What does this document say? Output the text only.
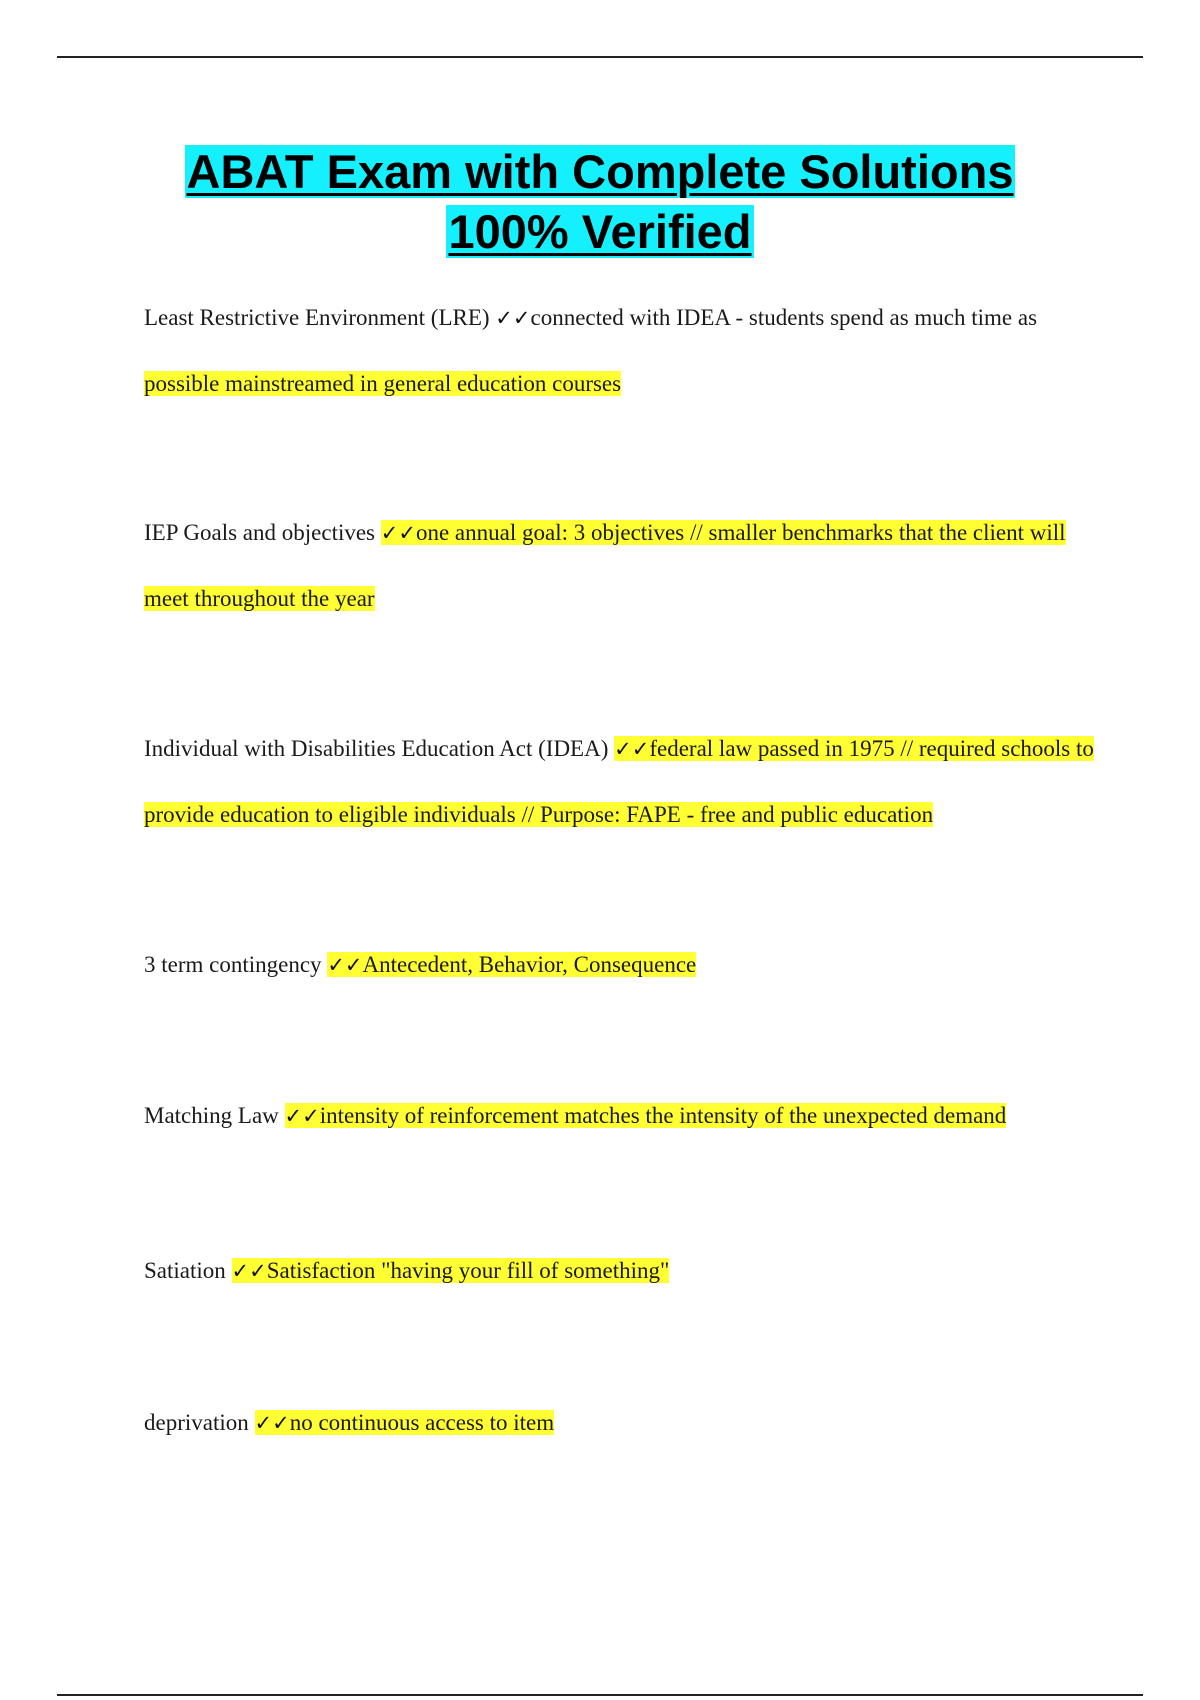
ABAT Exam with Complete Solutions
100% Verified
Least Restrictive Environment (LRE) ✓✓connected with IDEA - students spend as much time as possible mainstreamed in general education courses
IEP Goals and objectives ✓✓one annual goal: 3 objectives // smaller benchmarks that the client will meet throughout the year
Individual with Disabilities Education Act (IDEA) ✓✓federal law passed in 1975 // required schools to provide education to eligible individuals // Purpose: FAPE - free and public education
3 term contingency ✓✓Antecedent, Behavior, Consequence
Matching Law ✓✓intensity of reinforcement matches the intensity of the unexpected demand
Satiation ✓✓Satisfaction "having your fill of something"
deprivation ✓✓no continuous access to item
